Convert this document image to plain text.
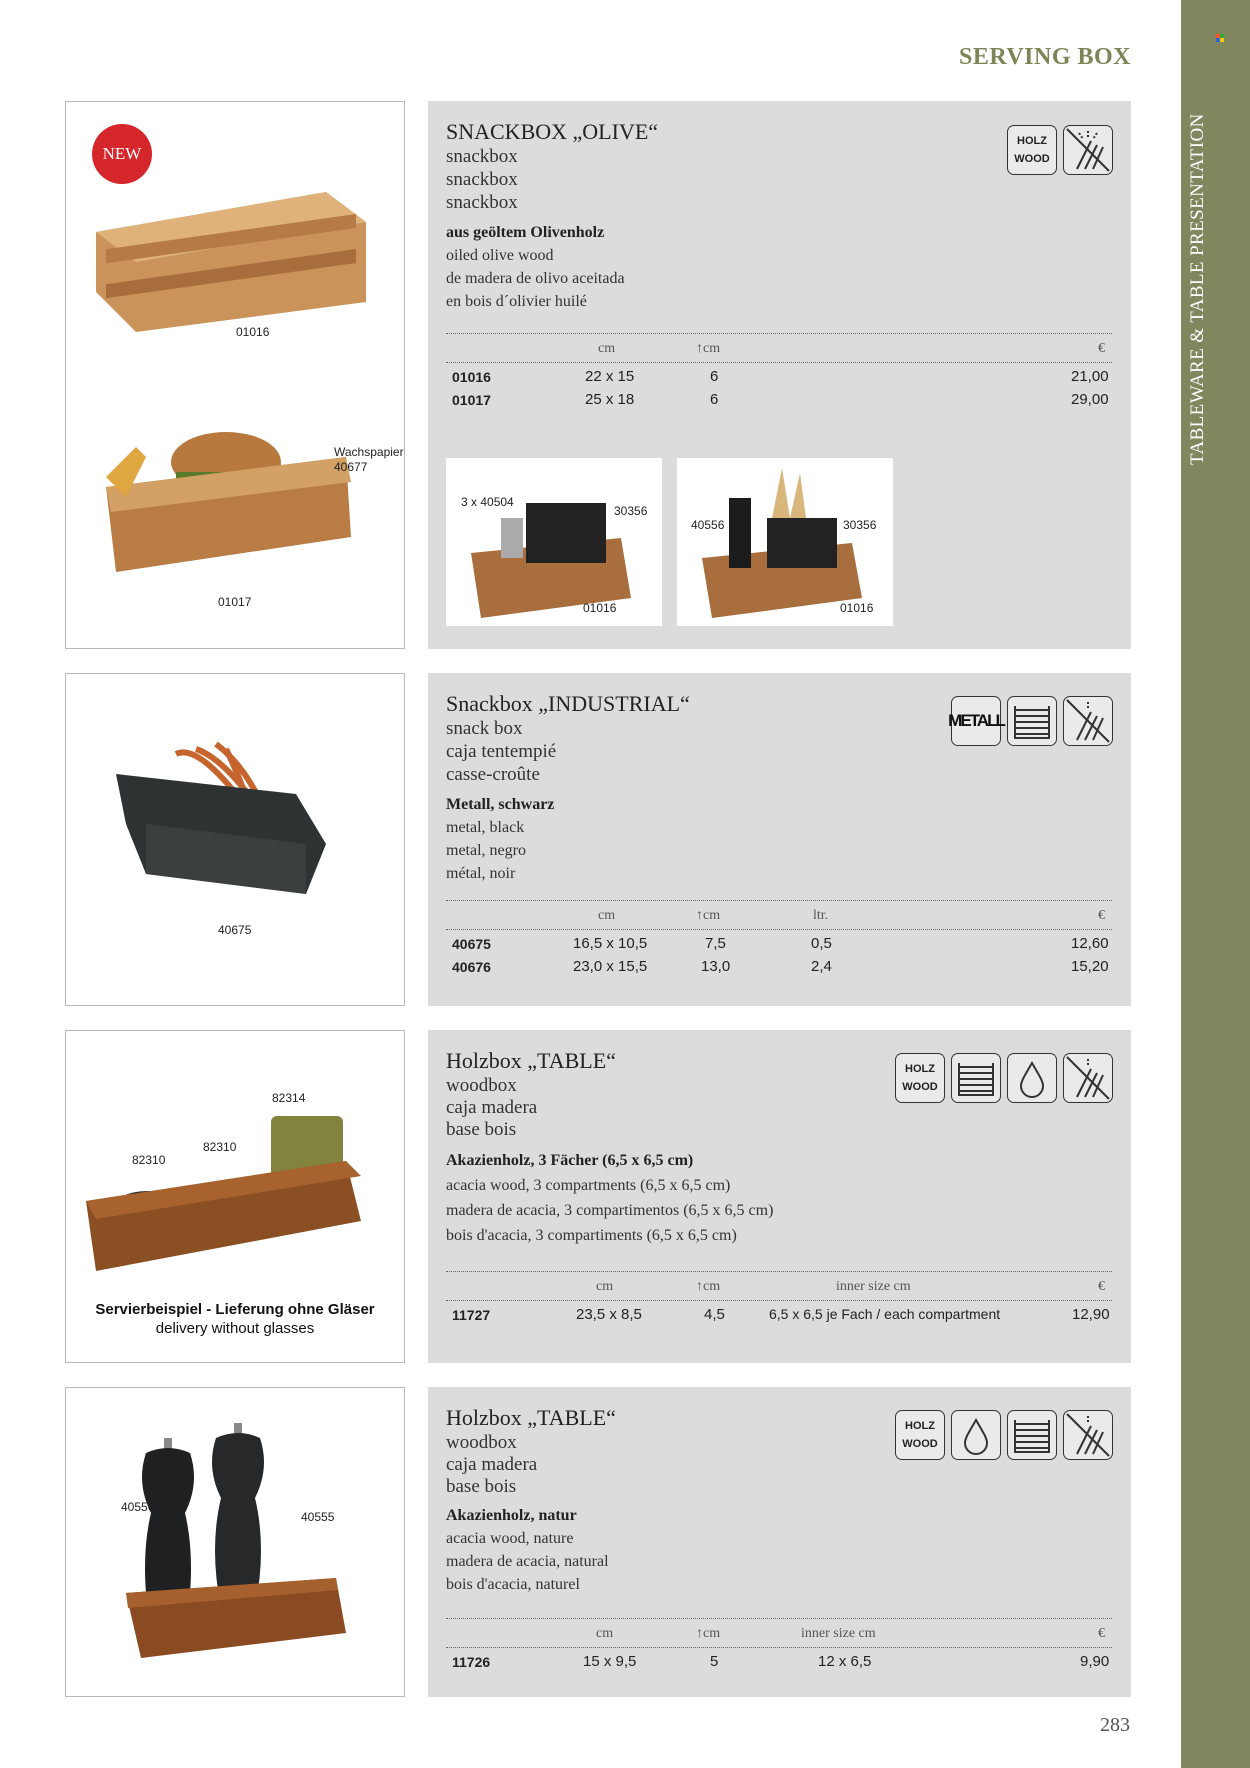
TABLEWARE & TABLE PRESENTATION
SERVING BOX
283
NEW
01016
Wachspapier
40677
01017
SNACKBOX „OLIVE“
snackbox
snackbox
snackbox
aus geöltem Olivenholz
oiled olive wood
de madera de olivo aceitada
en bois d´olivier huilé
HOLZ
WOOD
cm	↑cm	€
01016	22 x 15	6	21,00
01017	25 x 18	6	29,00
3 x 40504
30356
01016
40556	30356
01016
40675
Snackbox „INDUSTRIAL“
snack box
caja tentempié
casse-croûte
Metall, schwarz
metal, black
metal, negro
métal, noir
METALL
cm	↑cm	ltr.	€
40675	16,5 x 10,5	7,5	0,5	12,60
40676	23,0 x 15,5	13,0	2,4	15,20
82314
82310
82310
Servierbeispiel - Lieferung ohne Gläser
delivery without glasses
Holzbox „TABLE“
woodbox
caja madera
base bois
Akazienholz, 3 Fächer (6,5 x 6,5 cm)
acacia wood, 3 compartments (6,5 x 6,5 cm)
madera de acacia, 3 compartimentos (6,5 x 6,5 cm)
bois d'acacia, 3 compartiments (6,5 x 6,5 cm)
HOLZ
WOOD
cm	↑cm	inner size cm	€
11727	23,5 x 8,5	4,5	6,5 x 6,5 je Fach / each compartment	12,90
40556
40555
Holzbox „TABLE“
woodbox
caja madera
base bois
Akazienholz, natur
acacia wood, nature
madera de acacia, natural
bois d'acacia, naturel
HOLZ
WOOD
cm	↑cm	inner size cm	€
11726	15 x 9,5	5	12 x 6,5	9,90
